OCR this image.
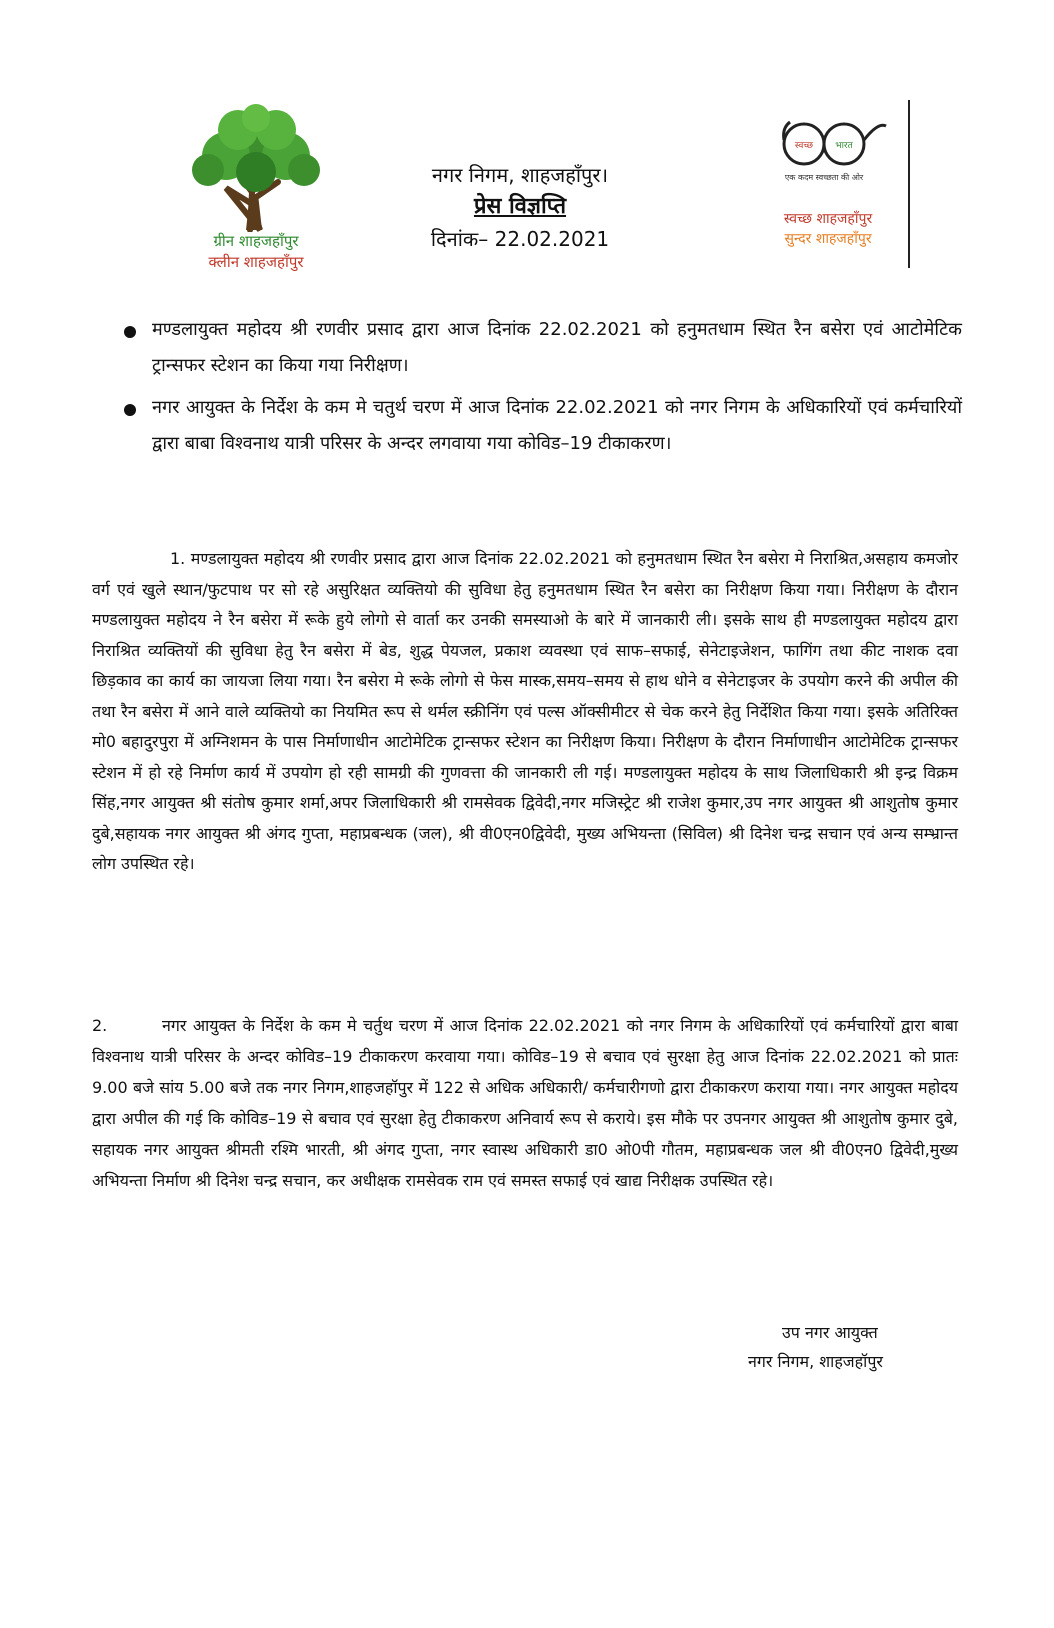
ग्रीन शाहजहाँपुर
क्लीन शाहजहाँपुर
नगर निगम, शाहजहाँपुर।
प्रेस विज्ञप्ति
दिनांक– 22.02.2021
स्वच्छ भारत
एक कदम स्वच्छता की ओर
स्वच्छ शाहजहाँपुर
सुन्दर शाहजहाँपुर
मण्डलायुक्त महोदय श्री रणवीर प्रसाद द्वारा आज दिनांक 22.02.2021 को हनुमतधाम स्थित रैन बसेरा एवं आटोमेटिक ट्रान्सफर स्टेशन का किया गया निरीक्षण।
नगर आयुक्त के निर्देश के कम मे चतुर्थ चरण में आज दिनांक 22.02.2021 को नगर निगम के अधिकारियों एवं कर्मचारियों द्वारा बाबा विश्वनाथ यात्री परिसर के अन्दर लगवाया गया कोविड–19 टीकाकरण।
1. मण्डलायुक्त महोदय श्री रणवीर प्रसाद द्वारा आज दिनांक 22.02.2021 को हनुमतधाम स्थित रैन बसेरा मे निराश्रित,असहाय कमजोर वर्ग एवं खुले स्थान/फुटपाथ पर सो रहे असुरिक्षत व्यक्तियो की सुविधा हेतु हनुमतधाम स्थित रैन बसेरा का निरीक्षण किया गया। निरीक्षण के दौरान मण्डलायुक्त महोदय ने रैन बसेरा में रूके हुये लोगो से वार्ता कर उनकी समस्याओ के बारे में जानकारी ली। इसके साथ ही मण्डलायुक्त महोदय द्वारा निराश्रित व्यक्तियों की सुविधा हेतु रैन बसेरा में बेड, शुद्ध पेयजल, प्रकाश व्यवस्था एवं साफ–सफाई, सेनेटाइजेशन, फागिंग तथा कीट नाशक दवा छिड़काव का कार्य का जायजा लिया गया। रैन बसेरा मे रूके लोगो से फेस मास्क,समय–समय से हाथ धोने व सेनेटाइजर के उपयोग करने की अपील की तथा रैन बसेरा में आने वाले व्यक्तियो का नियमित रूप से थर्मल स्क्रीनिंग एवं पल्स ऑक्सीमीटर से चेक करने हेतु निर्देशित किया गया। इसके अतिरिक्त मो0 बहादुरपुरा में अग्निशमन के पास निर्माणाधीन आटोमेटिक ट्रान्सफर स्टेशन का निरीक्षण किया। निरीक्षण के दौरान निर्माणाधीन आटोमेटिक ट्रान्सफर स्टेशन में हो रहे निर्माण कार्य में उपयोग हो रही सामग्री की गुणवत्ता की जानकारी ली गई। मण्डलायुक्त महोदय के साथ जिलाधिकारी श्री इन्द्र विक्रम सिंह,नगर आयुक्त श्री संतोष कुमार शर्मा,अपर जिलाधिकारी श्री रामसेवक द्विवेदी,नगर मजिस्ट्रेट श्री राजेश कुमार,उप नगर आयुक्त श्री आशुतोष कुमार दुबे,सहायक नगर आयुक्त श्री अंगद गुप्ता, महाप्रबन्धक (जल), श्री वी0एन0द्विवेदी, मुख्य अभियन्ता (सिविल) श्री दिनेश चन्द्र सचान एवं अन्य सम्भ्रान्त लोग उपस्थित रहे।
2.	नगर आयुक्त के निर्देश के कम मे चर्तुथ चरण में आज दिनांक 22.02.2021 को नगर निगम के अधिकारियों एवं कर्मचारियों द्वारा बाबा विश्वनाथ यात्री परिसर के अन्दर कोविड–19 टीकाकरण करवाया गया। कोविड–19 से बचाव एवं सुरक्षा हेतु आज दिनांक 22.02.2021 को प्रातः 9.00 बजे सांय 5.00 बजे तक नगर निगम,शाहजहॉपुर में 122 से अधिक अधिकारी/ कर्मचारीगणो द्वारा टीकाकरण कराया गया। नगर आयुक्त महोदय द्वारा अपील की गई कि कोविड–19 से बचाव एवं सुरक्षा हेतु टीकाकरण अनिवार्य रूप से कराये। इस मौके पर उपनगर आयुक्त श्री आशुतोष कुमार दुबे, सहायक नगर आयुक्त श्रीमती रश्मि भारती, श्री अंगद गुप्ता, नगर स्वास्थ अधिकारी डा0 ओ0पी गौतम, महाप्रबन्धक जल श्री वी0एन0 द्विवेदी,मुख्य अभियन्ता निर्माण श्री दिनेश चन्द्र सचान, कर अधीक्षक रामसेवक राम एवं समस्त सफाई एवं खाद्य निरीक्षक उपस्थित रहे।
उप नगर आयुक्त
नगर निगम, शाहजहॉपुर
